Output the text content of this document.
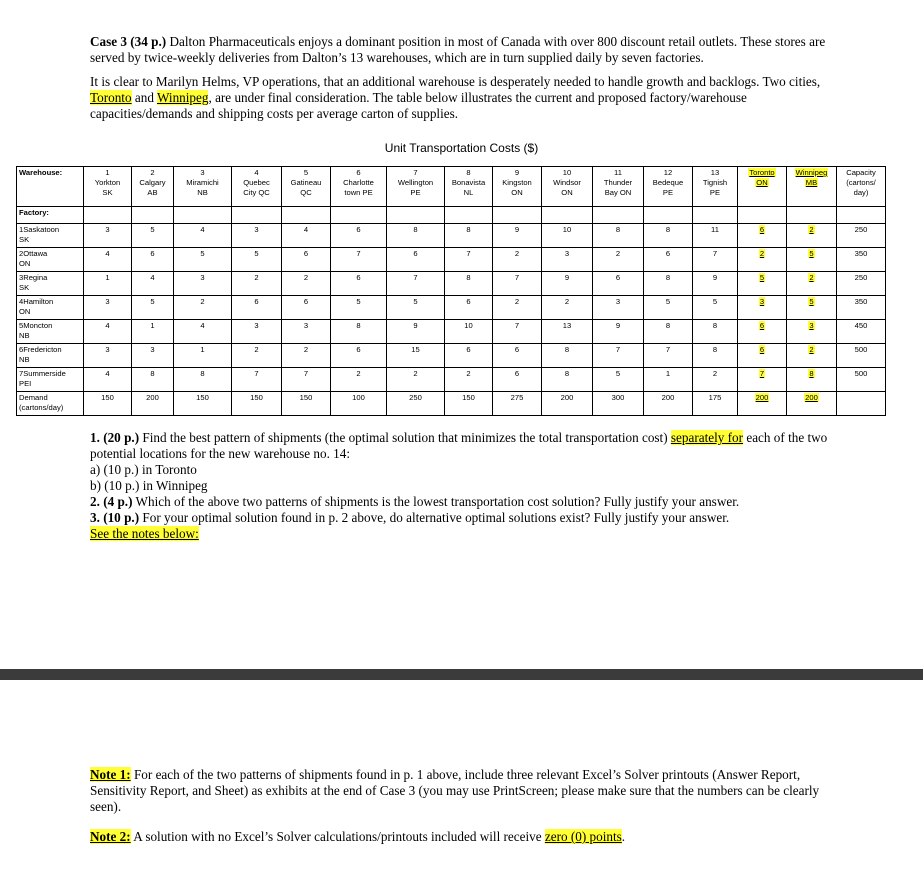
Case 3 (34 p.) Dalton Pharmaceuticals enjoys a dominant position in most of Canada with over 800 discount retail outlets. These stores are served by twice-weekly deliveries from Dalton’s 13 warehouses, which are in turn supplied daily by seven factories.

It is clear to Marilyn Helms, VP operations, that an additional warehouse is desperately needed to handle growth and backlogs. Two cities, Toronto and Winnipeg, are under final consideration. The table below illustrates the current and proposed factory/warehouse capacities/demands and shipping costs per average carton of supplies.

Unit Transportation Costs ($)
Warehouse:	1
Yorkton
SK	2
Calgary
AB	3
Miramichi
NB	4
Quebec
City QC	5
Gatineau
QC	6
Charlotte
town PE	7
Wellington
PE	8
Bonavista
NL	9
Kingston
ON	10
Windsor
ON	11
Thunder
Bay ON	12
Bedeque
PE	13
Tignish
PE	Toronto
ON	Winnipeg
MB	Capacity
(cartons/
day)
Factory:																
1Saskatoon
SK	3	5	4	3	4	6	8	8	9	10	8	8	11	6	2	250
2Ottawa
ON	4	6	5	5	6	7	6	7	2	3	2	6	7	2	5	350
3Regina
SK	1	4	3	2	2	6	7	8	7	9	6	8	9	5	2	250
4Hamilton
ON	3	5	2	6	6	5	5	6	2	2	3	5	5	3	5	350
5Moncton
NB	4	1	4	3	3	8	9	10	7	13	9	8	8	6	3	450
6Fredericton
NB	3	3	1	2	2	6	15	6	6	8	7	7	8	6	2	500
7Summerside
PEI	4	8	8	7	7	2	2	2	6	8	5	1	2	7	8	500
Demand
(cartons/day)	150	200	150	150	150	100	250	150	275	200	300	200	175	200	200	

1. (20 p.) Find the best pattern of shipments (the optimal solution that minimizes the total transportation cost) separately for each of the two potential locations for the new warehouse no. 14:

a) (10 p.) in Toronto

b) (10 p.) in Winnipeg

2. (4 p.) Which of the above two patterns of shipments is the lowest transportation cost solution? Fully justify your answer.

3. (10 p.) For your optimal solution found in p. 2 above, do alternative optimal solutions exist? Fully justify your answer.

See the notes below:

Note 1: For each of the two patterns of shipments found in p. 1 above, include three relevant Excel’s Solver printouts (Answer Report, Sensitivity Report, and Sheet) as exhibits at the end of Case 3 (you may use PrintScreen; please make sure that the numbers can be clearly seen).

Note 2: A solution with no Excel’s Solver calculations/printouts included will receive zero (0) points.
